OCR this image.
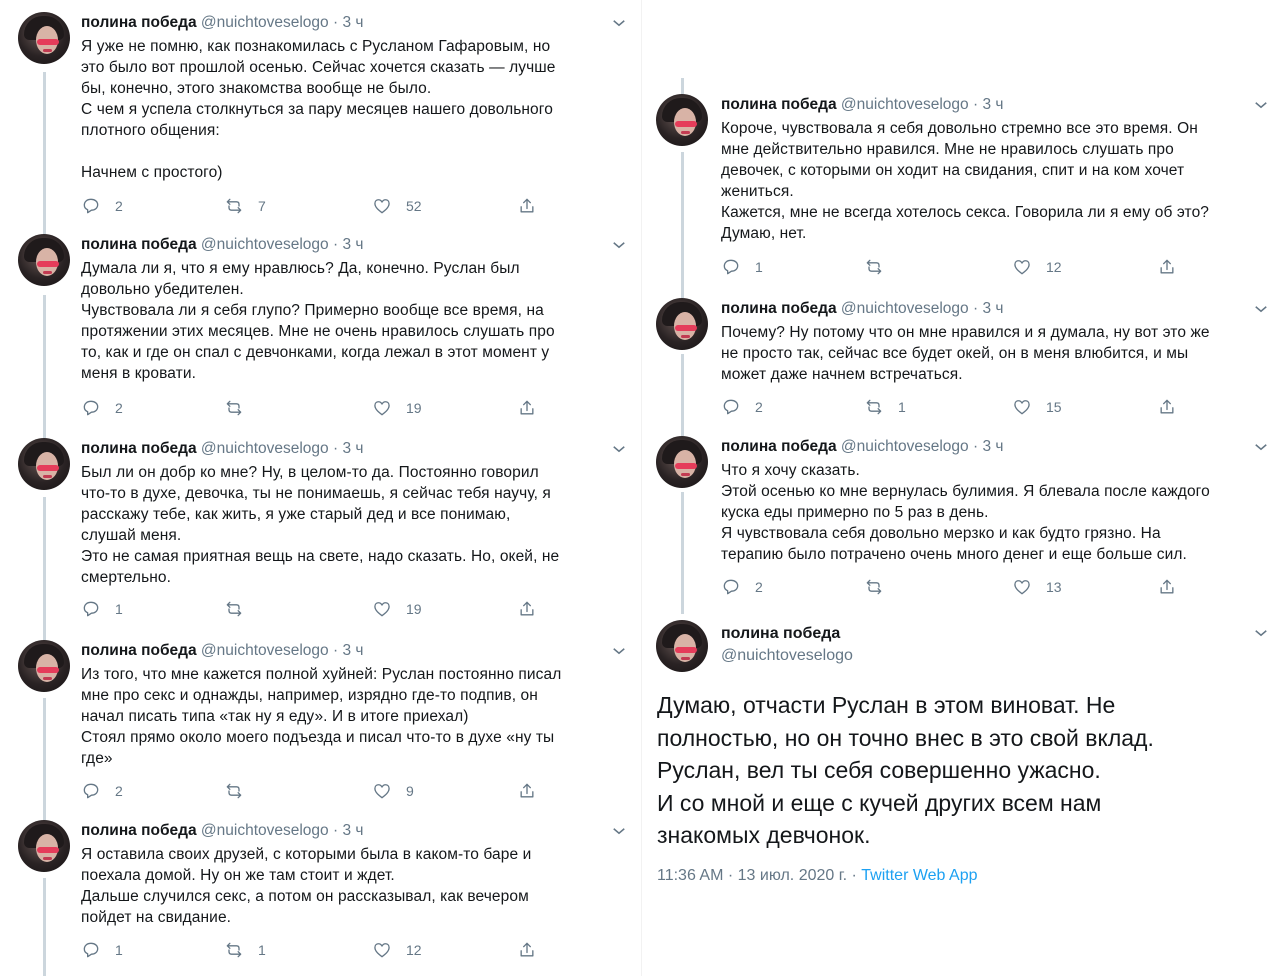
полина победа @nuichtoveselogo · 3 ч
Я уже не помню, как познакомилась с Русланом Гафаровым, но
это было вот прошлой осенью. Сейчас хочется сказать — лучше
бы, конечно, этого знакомства вообще не было.
С чем я успела столкнуться за пару месяцев нашего довольного
плотного общения:

Начнем с простого)
2	7	52
полина победа @nuichtoveselogo · 3 ч
Думала ли я, что я ему нравлюсь? Да, конечно. Руслан был
довольно убедителен.
Чувствовала ли я себя глупо? Примерно вообще все время, на
протяжении этих месяцев. Мне не очень нравилось слушать про
то, как и где он спал с девчонками, когда лежал в этот момент у
меня в кровати.
2	19
полина победа @nuichtoveselogo · 3 ч
Был ли он добр ко мне? Ну, в целом-то да. Постоянно говорил
что-то в духе, девочка, ты не понимаешь, я сейчас тебя научу, я
расскажу тебе, как жить, я уже старый дед и все понимаю,
слушай меня.
Это не самая приятная вещь на свете, надо сказать. Но, окей, не
смертельно.
1	19
полина победа @nuichtoveselogo · 3 ч
Из того, что мне кажется полной хуйней: Руслан постоянно писал
мне про секс и однажды, например, изрядно где-то подпив, он
начал писать типа «так ну я еду». И в итоге приехал)
Стоял прямо около моего подъезда и писал что-то в духе «ну ты
где»
2	9
полина победа @nuichtoveselogo · 3 ч
Я оставила своих друзей, с которыми была в каком-то баре и
поехала домой. Ну он же там стоит и ждет.
Дальше случился секс, а потом он рассказывал, как вечером
пойдет на свидание.
1	1	12
полина победа
@nuichtoveselogo
Думаю, отчасти Руслан в этом виноват. Не
полностью, но он точно внес в это свой вклад.
Руслан, вел ты себя совершенно ужасно.
И со мной и еще с кучей других всем нам
знакомых девчонок.
11:36 AM · 13 июл. 2020 г. · Twitter Web App
полина победа @nuichtoveselogo · 3 ч
Короче, чувствовала я себя довольно стремно все это время. Он
мне действительно нравился. Мне не нравилось слушать про
девочек, с которыми он ходит на свидания, спит и на ком хочет
жениться.
Кажется, мне не всегда хотелось секса. Говорила ли я ему об это?
Думаю, нет.
1	12
полина победа @nuichtoveselogo · 3 ч
Почему? Ну потому что он мне нравился и я думала, ну вот это же
не просто так, сейчас все будет окей, он в меня влюбится, и мы
может даже начнем встречаться.
2	1	15
полина победа @nuichtoveselogo · 3 ч
Что я хочу сказать.
Этой осенью ко мне вернулась булимия. Я блевала после каждого
куска еды примерно по 5 раз в день.
Я чувствовала себя довольно мерзко и как будто грязно. На
терапию было потрачено очень много денег и еще больше сил.
2	13
